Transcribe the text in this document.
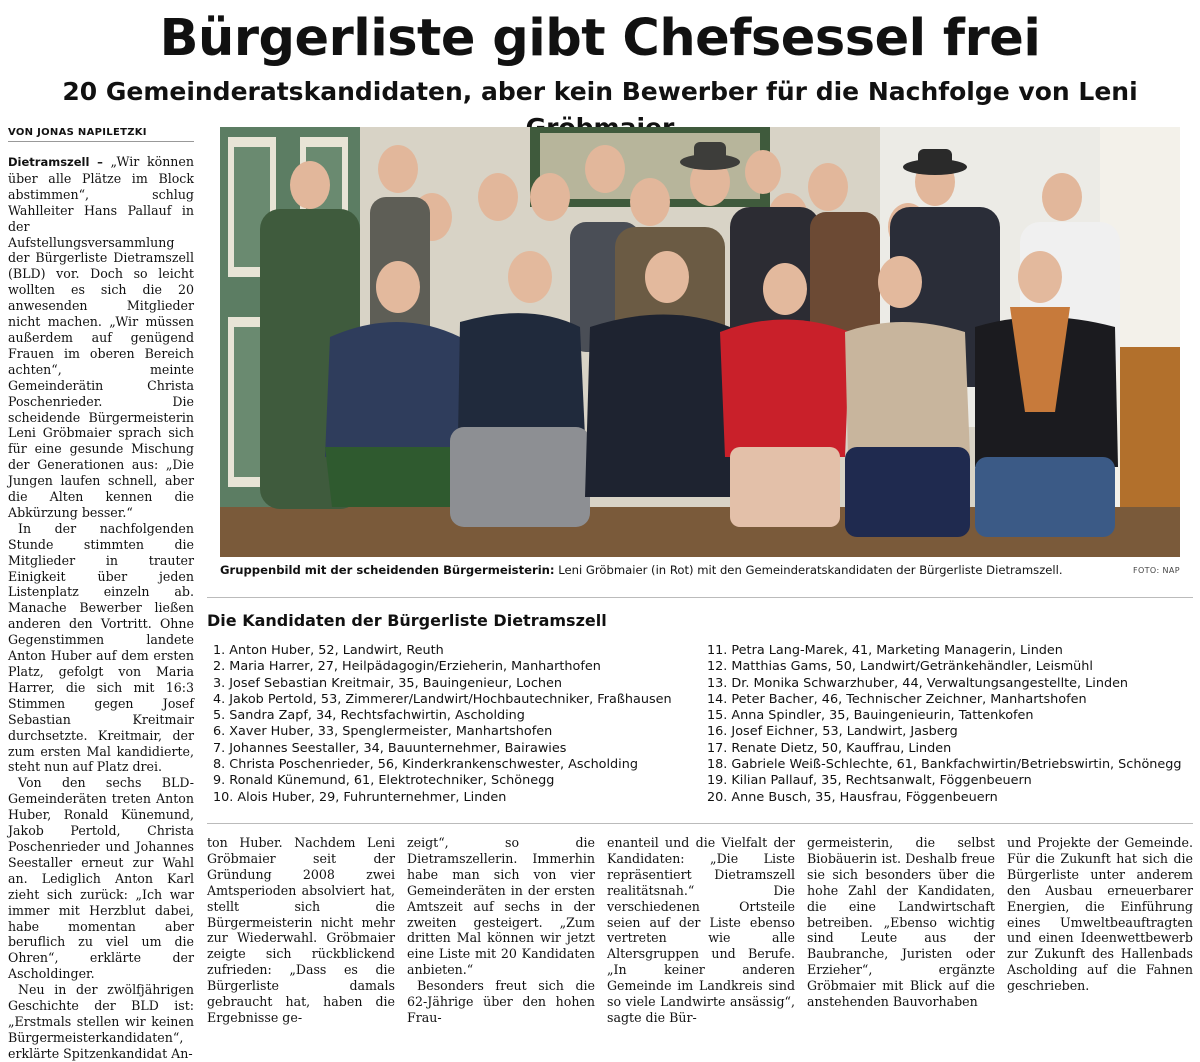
Bürgerliste gibt Chefsessel frei
20 Gemeinderatskandidaten, aber kein Bewerber für die Nachfolge von Leni
VON JONAS NAPILETZKI

Dietramszell – „Wir können über alle Plätze im Block abstimmen“, schlug Wahlleiter Hans Pallauf in der Aufstellungsversammlung der Bürgerliste Dietramszell (BLD) vor. Doch so leicht wollten es sich die 20 anwesenden Mitglieder nicht machen. „Wir müssen außerdem auf genügend Frauen im oberen Bereich achten“, meinte Gemeinderätin Christa Poschenrieder. Die scheidende Bürgermeisterin Leni Gröbmaier sprach sich für eine gesunde Mischung der Generationen aus: „Die Jungen laufen schnell, aber die Alten kennen die Abkürzung besser.“

In der nachfolgenden Stunde stimmten die Mitglieder in trauter Einigkeit über jeden Listenplatz einzeln ab. Manache Bewerber ließen anderen den Vortritt. Ohne Gegenstimmen landete Anton Huber auf dem ersten Platz, gefolgt von Maria Harrer, die sich mit 16:3 Stimmen gegen Josef Sebastian Kreitmair durchsetzte. Kreitmair, der zum ersten Mal kandidierte, steht nun auf Platz drei.

Von den sechs BLD-Gemeinderäten treten Anton Huber, Ronald Künemund, Jakob Pertold, Christa Poschenrieder und Johannes Seestaller erneut zur Wahl an. Lediglich Anton Karl zieht sich zurück: „Ich war immer mit Herzblut dabei, habe momentan aber beruflich zu viel um die Ohren“, erklärte der Ascholdinger.

Neu in der zwölfjährigen Geschichte der BLD ist: „Erstmals stellen wir keinen Bürgermeisterkandidaten“, erklärte Spitzenkandidat An-

Gruppenbild mit der scheidenden Bürgermeisterin: Leni Gröbmaier (in Rot) mit den Gemeinderatskandidaten der Bürgerliste Dietramszell.	FOTO: NAP
Die Kandidaten der Bürgerliste Dietramszell
1. Anton Huber, 52, Landwirt, Reuth
2. Maria Harrer, 27, Heilpädagogin/Erzieherin, Manharthofen
3. Josef Sebastian Kreitmair, 35, Bauingenieur, Lochen
4. Jakob Pertold, 53, Zimmerer/Landwirt/Hochbautechniker, Fraßhausen
5. Sandra Zapf, 34, Rechtsfachwirtin, Ascholding
6. Xaver Huber, 33, Spenglermeister, Manhartshofen
7. Johannes Seestaller, 34, Bauunternehmer, Bairawies
8. Christa Poschenrieder, 56, Kinderkrankenschwester, Ascholding
9. Ronald Künemund, 61, Elektrotechniker, Schönegg
10. Alois Huber, 29, Fuhrunternehmer, Linden
11. Petra Lang-Marek, 41, Marketing Managerin, Linden
12. Matthias Gams, 50, Landwirt/Getränkehändler, Leismühl
13. Dr. Monika Schwarzhuber, 44, Verwaltungsangestellte, Linden
14. Peter Bacher, 46, Technischer Zeichner, Manhartshofen
15. Anna Spindler, 35, Bauingenieurin, Tattenkofen
16. Josef Eichner, 53, Landwirt, Jasberg
17. Renate Dietz, 50, Kauffrau, Linden
18. Gabriele Weiß-Schlechte, 61, Bankfachwirtin/Betriebswirtin, Schönegg
19. Kilian Pallauf, 35, Rechtsanwalt, Föggenbeuern
20. Anne Busch, 35, Hausfrau, Föggenbeuern

ton Huber. Nachdem Leni Gröbmaier seit der Gründung 2008 zwei Amtsperioden absolviert hat, stellt sich die Bürgermeisterin nicht mehr zur Wiederwahl. Gröbmaier zeigte sich rückblickend zufrieden: „Dass es die Bürgerliste damals gebraucht hat, haben die Ergebnisse ge-

zeigt“, so die Dietramszellerin. Immerhin habe man sich von vier Gemeinderäten in der ersten Amtszeit auf sechs in der zweiten gesteigert. „Zum dritten Mal können wir jetzt eine Liste mit 20 Kandidaten anbieten.“

Besonders freut sich die 62-Jährige über den hohen Frau-

enanteil und die Vielfalt der Kandidaten: „Die Liste repräsentiert Dietramszell realitätsnah.“ Die verschiedenen Ortsteile seien auf der Liste ebenso vertreten wie alle Altersgruppen und Berufe. „In keiner anderen Gemeinde im Landkreis sind so viele Landwirte ansässig“, sagte die Bür-

germeisterin, die selbst Biobäuerin ist. Deshalb freue sie sich besonders über die hohe Zahl der Kandidaten, die eine Landwirtschaft betreiben. „Ebenso wichtig sind Leute aus der Baubranche, Juristen oder Erzieher“, ergänzte Gröbmaier mit Blick auf die anstehenden Bauvorhaben

und Projekte der Gemeinde. Für die Zukunft hat sich die Bürgerliste unter anderem den Ausbau erneuerbarer Energien, die Einführung eines Umweltbeauftragten und einen Ideenwettbewerb zur Zukunft des Hallenbads Ascholding auf die Fahnen geschrieben.
